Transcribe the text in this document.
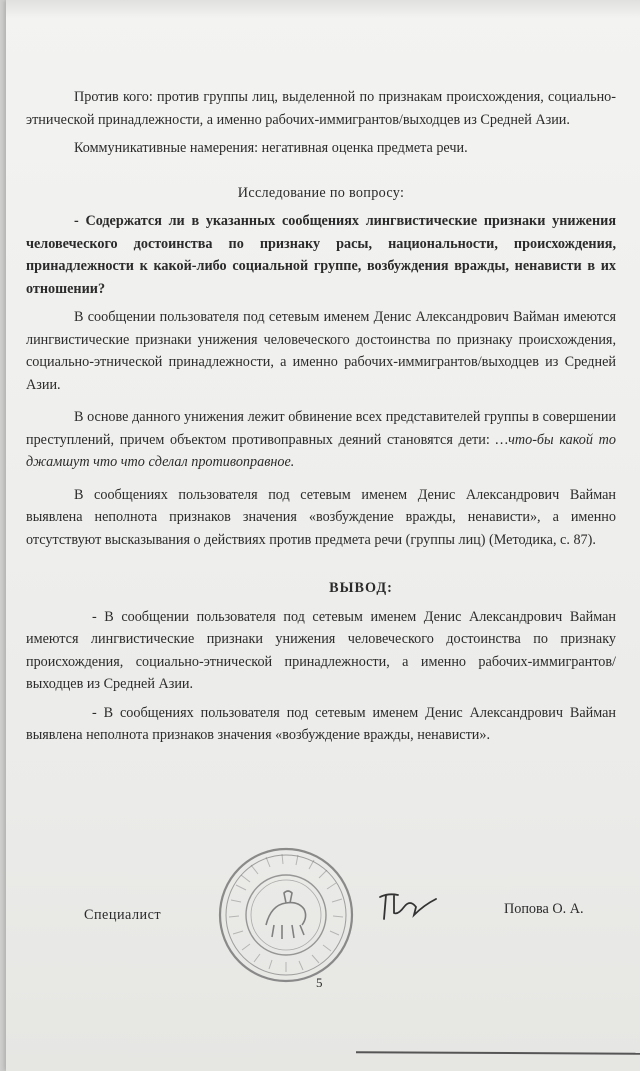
Против кого: против группы лиц, выделенной по признакам происхождения, социально-этнической принадлежности, а именно рабочих-иммигрантов/выходцев из Средней Азии.

Коммуникативные намерения: негативная оценка предмета речи.

Исследование по вопросу:

- Содержатся ли в указанных сообщениях лингвистические признаки унижения человеческого достоинства по признаку расы, национальности, происхождения, принадлежности к какой-либо социальной группе, возбуждения вражды, ненависти в их отношении?

В сообщении пользователя под сетевым именем Денис Александрович Вайман имеются лингвистические признаки унижения человеческого достоинства по признаку происхождения, социально-этнической принадлежности, а именно рабочих-иммигрантов/выходцев из Средней Азии.

В основе данного унижения лежит обвинение всех представителей группы в совершении преступлений, причем объектом противоправных деяний становятся дети: …что-бы какой то джамшут что что сделал противоправное.

В сообщениях пользователя под сетевым именем Денис Александрович Вайман выявлена неполнота признаков значения «возбуждение вражды, ненависти», а именно отсутствуют высказывания о действиях против предмета речи (группы лиц) (Методика, с. 87).

ВЫВОД:

- В сообщении пользователя под сетевым именем Денис Александрович Вайман имеются лингвистические признаки унижения человеческого достоинства по признаку происхождения, социально-этнической принадлежности, а именно рабочих-иммигрантов/выходцев из Средней Азии.

- В сообщениях пользователя под сетевым именем Денис Александрович Вайман выявлена неполнота признаков значения «возбуждение вражды, ненависти».

Специалист	Попова О. А.
5
